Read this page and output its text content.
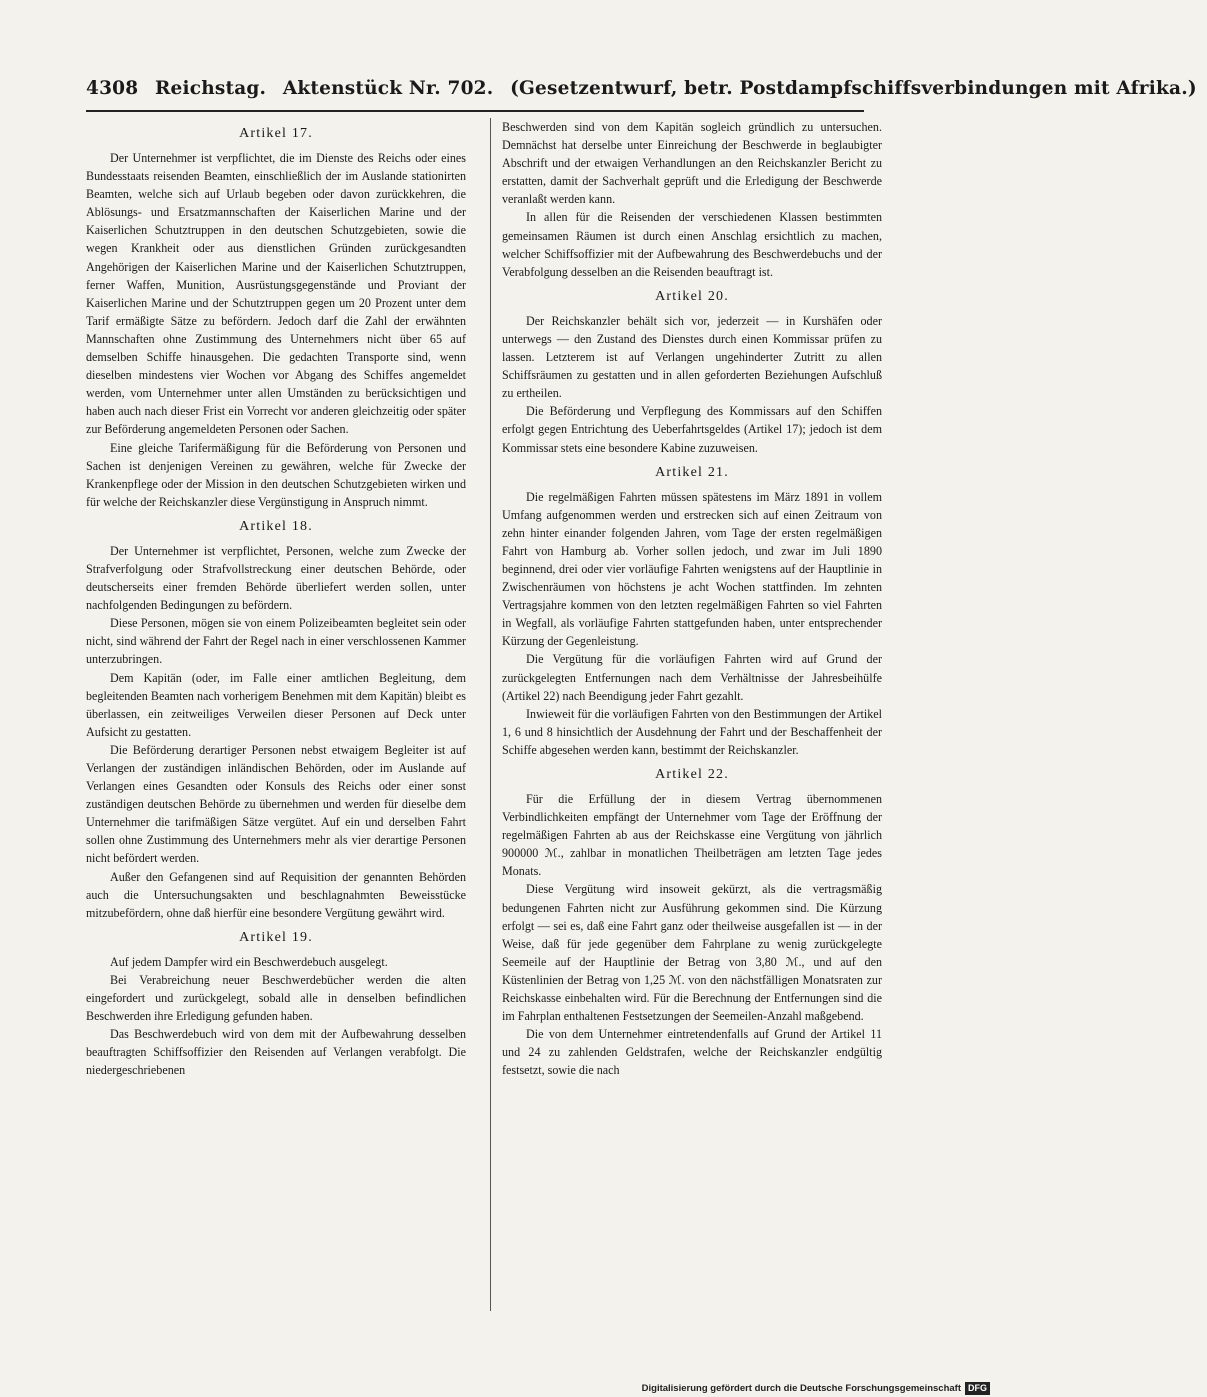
4308 Reichstag. Aktenstück Nr. 702. (Gesetzentwurf, betr. Postdampfschiffsverbindungen mit Afrika.)
Artikel 17.

Der Unternehmer ist verpflichtet, die im Dienste des Reichs oder eines Bundesstaats reisenden Beamten, einschließlich der im Auslande stationirten Beamten, welche sich auf Urlaub begeben oder davon zurückkehren, die Ablösungs- und Ersatzmannschaften der Kaiserlichen Marine und der Kaiserlichen Schutztruppen in den deutschen Schutzgebieten, sowie die wegen Krankheit oder aus dienstlichen Gründen zurückgesandten Angehörigen der Kaiserlichen Marine und der Kaiserlichen Schutztruppen, ferner Waffen, Munition, Ausrüstungsgegenstände und Proviant der Kaiserlichen Marine und der Schutztruppen gegen um 20 Prozent unter dem Tarif ermäßigte Sätze zu befördern. Jedoch darf die Zahl der erwähnten Mannschaften ohne Zustimmung des Unternehmers nicht über 65 auf demselben Schiffe hinausgehen. Die gedachten Transporte sind, wenn dieselben mindestens vier Wochen vor Abgang des Schiffes angemeldet werden, vom Unternehmer unter allen Umständen zu berücksichtigen und haben auch nach dieser Frist ein Vorrecht vor anderen gleichzeitig oder später zur Beförderung angemeldeten Personen oder Sachen.

Eine gleiche Tarifermäßigung für die Beförderung von Personen und Sachen ist denjenigen Vereinen zu gewähren, welche für Zwecke der Krankenpflege oder der Mission in den deutschen Schutzgebieten wirken und für welche der Reichskanzler diese Vergünstigung in Anspruch nimmt.

Artikel 18.

Der Unternehmer ist verpflichtet, Personen, welche zum Zwecke der Strafverfolgung oder Strafvollstreckung einer deutschen Behörde, oder deutscherseits einer fremden Behörde überliefert werden sollen, unter nachfolgenden Bedingungen zu befördern.

Diese Personen, mögen sie von einem Polizeibeamten begleitet sein oder nicht, sind während der Fahrt der Regel nach in einer verschlossenen Kammer unterzubringen.

Dem Kapitän (oder, im Falle einer amtlichen Begleitung, dem begleitenden Beamten nach vorherigem Benehmen mit dem Kapitän) bleibt es überlassen, ein zeitweiliges Verweilen dieser Personen auf Deck unter Aufsicht zu gestatten.

Die Beförderung derartiger Personen nebst etwaigem Begleiter ist auf Verlangen der zuständigen inländischen Behörden, oder im Auslande auf Verlangen eines Gesandten oder Konsuls des Reichs oder einer sonst zuständigen deutschen Behörde zu übernehmen und werden für dieselbe dem Unternehmer die tarifmäßigen Sätze vergütet. Auf ein und derselben Fahrt sollen ohne Zustimmung des Unternehmers mehr als vier derartige Personen nicht befördert werden.

Außer den Gefangenen sind auf Requisition der genannten Behörden auch die Untersuchungsakten und beschlagnahmten Beweisstücke mitzubefördern, ohne daß hierfür eine besondere Vergütung gewährt wird.

Artikel 19.

Auf jedem Dampfer wird ein Beschwerdebuch ausgelegt.

Bei Verabreichung neuer Beschwerdebücher werden die alten eingefordert und zurückgelegt, sobald alle in denselben befindlichen Beschwerden ihre Erledigung gefunden haben.

Das Beschwerdebuch wird von dem mit der Aufbewahrung desselben beauftragten Schiffsoffizier den Reisenden auf Verlangen verabfolgt. Die niedergeschriebenen

Beschwerden sind von dem Kapitän sogleich gründlich zu untersuchen. Demnächst hat derselbe unter Einreichung der Beschwerde in beglaubigter Abschrift und der etwaigen Verhandlungen an den Reichskanzler Bericht zu erstatten, damit der Sachverhalt geprüft und die Erledigung der Beschwerde veranlaßt werden kann.

In allen für die Reisenden der verschiedenen Klassen bestimmten gemeinsamen Räumen ist durch einen Anschlag ersichtlich zu machen, welcher Schiffsoffizier mit der Aufbewahrung des Beschwerdebuchs und der Verabfolgung desselben an die Reisenden beauftragt ist.

Artikel 20.

Der Reichskanzler behält sich vor, jederzeit — in Kurshäfen oder unterwegs — den Zustand des Dienstes durch einen Kommissar prüfen zu lassen. Letzterem ist auf Verlangen ungehinderter Zutritt zu allen Schiffsräumen zu gestatten und in allen geforderten Beziehungen Aufschluß zu ertheilen.

Die Beförderung und Verpflegung des Kommissars auf den Schiffen erfolgt gegen Entrichtung des Ueberfahrtsgeldes (Artikel 17); jedoch ist dem Kommissar stets eine besondere Kabine zuzuweisen.

Artikel 21.

Die regelmäßigen Fahrten müssen spätestens im März 1891 in vollem Umfang aufgenommen werden und erstrecken sich auf einen Zeitraum von zehn hinter einander folgenden Jahren, vom Tage der ersten regelmäßigen Fahrt von Hamburg ab. Vorher sollen jedoch, und zwar im Juli 1890 beginnend, drei oder vier vorläufige Fahrten wenigstens auf der Hauptlinie in Zwischenräumen von höchstens je acht Wochen stattfinden. Im zehnten Vertragsjahre kommen von den letzten regelmäßigen Fahrten so viel Fahrten in Wegfall, als vorläufige Fahrten stattgefunden haben, unter entsprechender Kürzung der Gegenleistung.

Die Vergütung für die vorläufigen Fahrten wird auf Grund der zurückgelegten Entfernungen nach dem Verhältnisse der Jahresbeihülfe (Artikel 22) nach Beendigung jeder Fahrt gezahlt.

Inwieweit für die vorläufigen Fahrten von den Bestimmungen der Artikel 1, 6 und 8 hinsichtlich der Ausdehnung der Fahrt und der Beschaffenheit der Schiffe abgesehen werden kann, bestimmt der Reichskanzler.

Artikel 22.

Für die Erfüllung der in diesem Vertrag übernommenen Verbindlichkeiten empfängt der Unternehmer vom Tage der Eröffnung der regelmäßigen Fahrten ab aus der Reichskasse eine Vergütung von jährlich 900000 ℳ., zahlbar in monatlichen Theilbeträgen am letzten Tage jedes Monats.

Diese Vergütung wird insoweit gekürzt, als die vertragsmäßig bedungenen Fahrten nicht zur Ausführung gekommen sind. Die Kürzung erfolgt — sei es, daß eine Fahrt ganz oder theilweise ausgefallen ist — in der Weise, daß für jede gegenüber dem Fahrplane zu wenig zurückgelegte Seemeile auf der Hauptlinie der Betrag von 3,80 ℳ., und auf den Küstenlinien der Betrag von 1,25 ℳ. von den nächstfälligen Monatsraten zur Reichskasse einbehalten wird. Für die Berechnung der Entfernungen sind die im Fahrplan enthaltenen Festsetzungen der Seemeilen-Anzahl maßgebend.

Die von dem Unternehmer eintretendenfalls auf Grund der Artikel 11 und 24 zu zahlenden Geldstrafen, welche der Reichskanzler endgültig festsetzt, sowie die nach

Digitalisierung gefördert durch die Deutsche Forschungsgemeinschaft DFG
